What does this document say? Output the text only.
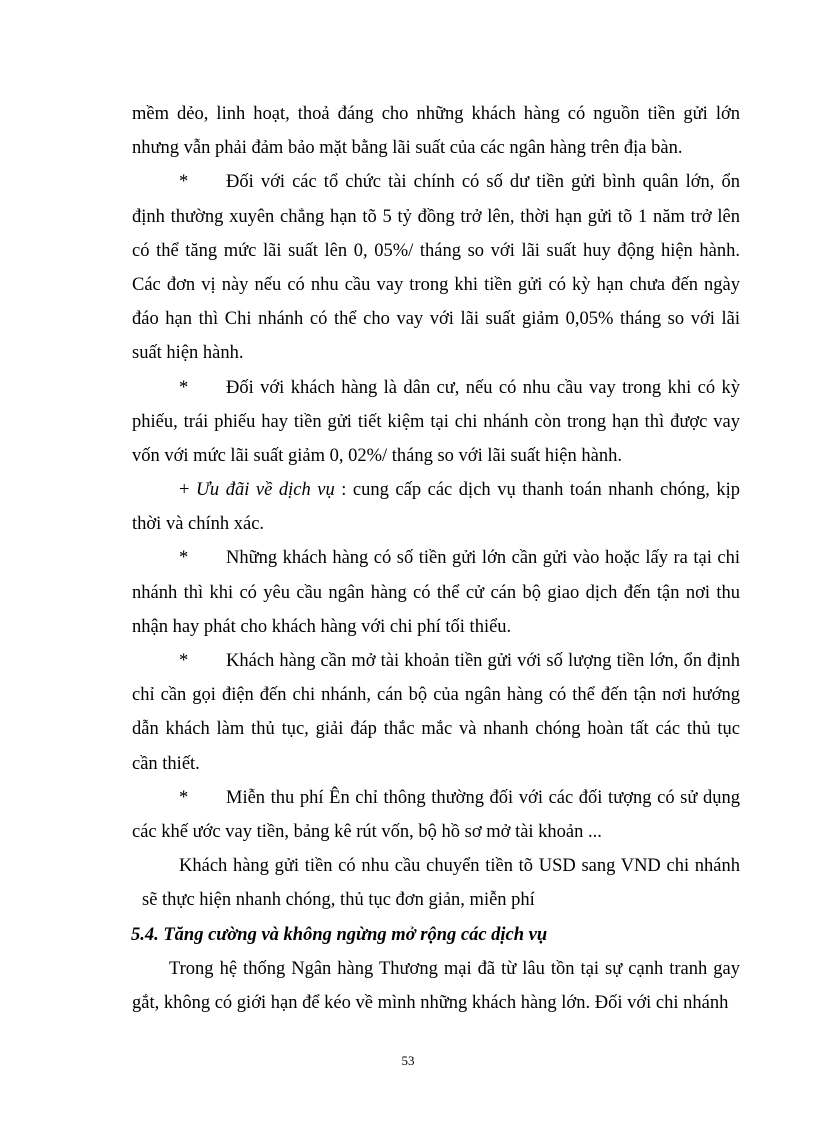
mềm dẻo, linh hoạt, thoả đáng cho những khách hàng có nguồn tiền gửi lớn
nhưng vẫn phải đảm bảo mặt bằng lãi suất của các ngân hàng trên địa bàn.
* Đối với các tổ chức tài chính có số dư tiền gửi bình quân lớn, ổn
định thường xuyên chẳng hạn tõ 5 tỷ đồng trở lên, thời hạn gửi tõ 1 năm trở lên
có thể tăng mức lãi suất lên 0, 05%/ tháng so với lãi suất huy động hiện hành.
Các đơn vị này nếu có nhu cầu vay trong khi tiền gửi có kỳ hạn chưa đến ngày
đáo hạn thì Chi nhánh có thể cho vay với lãi suất giảm 0,05% tháng so với lãi
suất hiện hành.
* Đối với khách hàng là dân cư, nếu có nhu cầu vay trong khi có kỳ
phiếu, trái phiếu hay tiền gửi tiết kiệm tại chi nhánh còn trong hạn thì được vay
vốn với mức lãi suất giảm 0, 02%/ tháng so với lãi suất hiện hành.
+ Ưu đãi về dịch vụ : cung cấp các dịch vụ thanh toán nhanh chóng, kịp
thời và chính xác.
* Những khách hàng có số tiền gửi lớn cần gửi vào hoặc lấy ra tại chi
nhánh thì khi có yêu cầu ngân hàng có thể cử cán bộ giao dịch đến tận nơi thu
nhận hay phát cho khách hàng với chi phí tối thiểu.
* Khách hàng cần mở tài khoản tiền gửi với số lượng tiền lớn, ổn định
chỉ cần gọi điện đến chi nhánh, cán bộ của ngân hàng có thể đến tận nơi hướng
dẫn khách làm thủ tục, giải đáp thắc mắc và nhanh chóng hoàn tất các thủ tục
cần thiết.
* Miễn thu phí Ên chỉ thông thường đối với các đối tượng có sử dụng
các khế ước vay tiền, bảng kê rút vốn, bộ hồ sơ mở tài khoản ...
Khách hàng gửi tiền có nhu cầu chuyển tiền tõ USD sang VND chi nhánh
sẽ thực hiện nhanh chóng, thủ tục đơn giản, miễn phí
5.4. Tăng cường và không ngừng mở rộng các dịch vụ
Trong hệ thống Ngân hàng Thương mại đã từ lâu tồn tại sự cạnh tranh gay
gắt, không có giới hạn để kéo về mình những khách hàng lớn. Đối với chi nhánh
53
